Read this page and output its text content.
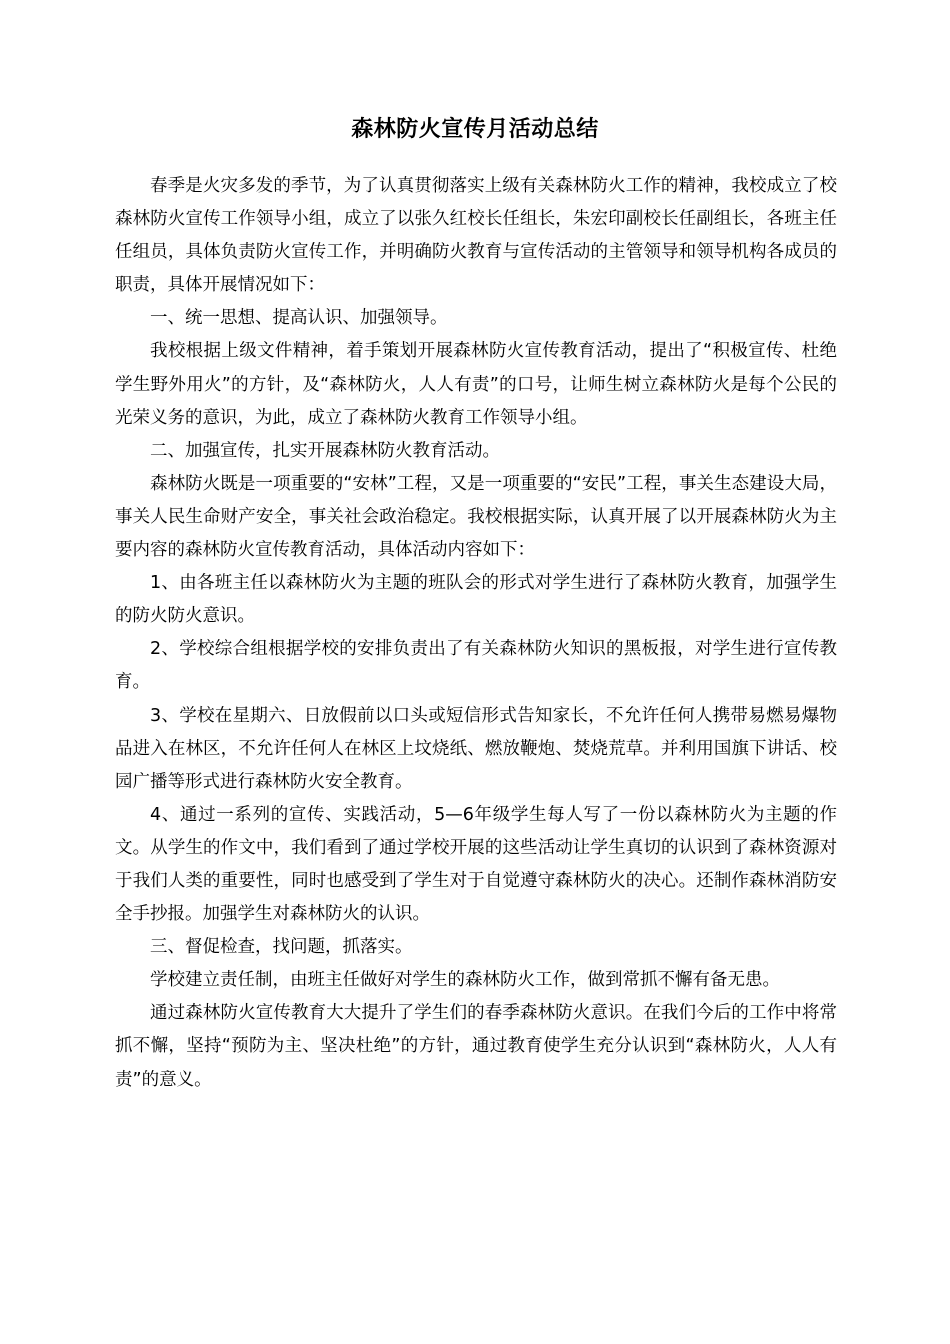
森林防火宣传月活动总结

春季是火灾多发的季节，为了认真贯彻落实上级有关森林防火工作的精神，我校成立了校森林防火宣传工作领导小组，成立了以张久红校长任组长，朱宏印副校长任副组长，各班主任任组员，具体负责防火宣传工作，并明确防火教育与宣传活动的主管领导和领导机构各成员的职责，具体开展情况如下：

一、统一思想、提高认识、加强领导。

我校根据上级文件精神，着手策划开展森林防火宣传教育活动，提出了“积极宣传、杜绝学生野外用火”的方针，及“森林防火，人人有责”的口号，让师生树立森林防火是每个公民的光荣义务的意识，为此，成立了森林防火教育工作领导小组。

二、加强宣传，扎实开展森林防火教育活动。

森林防火既是一项重要的“安林”工程，又是一项重要的“安民”工程，事关生态建设大局，事关人民生命财产安全，事关社会政治稳定。我校根据实际，认真开展了以开展森林防火为主要内容的森林防火宣传教育活动，具体活动内容如下：

1、由各班主任以森林防火为主题的班队会的形式对学生进行了森林防火教育，加强学生的防火防火意识。

2、学校综合组根据学校的安排负责出了有关森林防火知识的黑板报，对学生进行宣传教育。

3、学校在星期六、日放假前以口头或短信形式告知家长，不允许任何人携带易燃易爆物品进入在林区，不允许任何人在林区上坟烧纸、燃放鞭炮、焚烧荒草。并利用国旗下讲话、校园广播等形式进行森林防火安全教育。

4、通过一系列的宣传、实践活动，5—6年级学生每人写了一份以森林防火为主题的作文。从学生的作文中，我们看到了通过学校开展的这些活动让学生真切的认识到了森林资源对于我们人类的重要性，同时也感受到了学生对于自觉遵守森林防火的决心。还制作森林消防安全手抄报。加强学生对森林防火的认识。

三、督促检查，找问题，抓落实。

学校建立责任制，由班主任做好对学生的森林防火工作，做到常抓不懈有备无患。

通过森林防火宣传教育大大提升了学生们的春季森林防火意识。在我们今后的工作中将常抓不懈，坚持“预防为主、坚决杜绝”的方针，通过教育使学生充分认识到“森林防火，人人有责”的意义。
